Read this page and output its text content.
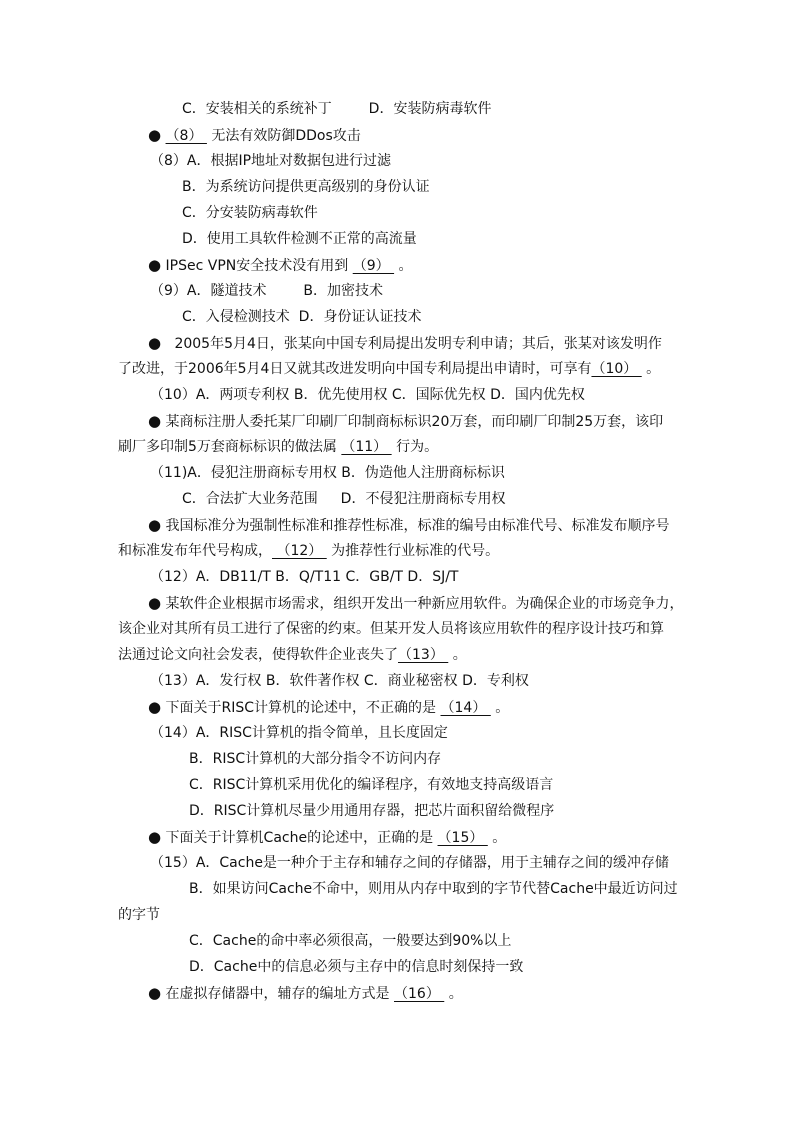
C．安装相关的系统补丁　　  D．安装防病毒软件
● （8）  无法有效防御DDos攻击
（8）A．根据IP地址对数据包进行过滤
B．为系统访问提供更高级别的身份认证
C．分安装防病毒软件
D．使用工具软件检测不正常的高流量
● IPSec VPN安全技术没有用到 （9）  。
（9）A．隧道技术　　  B．加密技术
C．入侵检测技术  D．身份证认证技术
●   2005年5月4日，张某向中国专利局提出发明专利申请；其后，张某对该发明作
了改进，于2006年5月4日又就其改进发明向中国专利局提出申请时，可享有（10）  。
（10）A．两项专利权 B．优先使用权 C．国际优先权 D．国内优先权
● 某商标注册人委托某厂印刷厂印制商标标识20万套，而印刷厂印制25万套，该印
刷厂多印制5万套商标标识的做法属 （11）  行为。
（11)A．侵犯注册商标专用权 B．伪造他人注册商标标识
C．合法扩大业务范围　  D．不侵犯注册商标专用权
● 我国标准分为强制性标准和推荐性标准，标准的编号由标准代号、标准发布顺序号
和标准发布年代号构成， （12）  为推荐性行业标准的代号。
（12）A．DB11/T B．Q/T11 C．GB/T D．SJ/T
● 某软件企业根据市场需求，组织开发出一种新应用软件。为确保企业的市场竞争力，
该企业对其所有员工进行了保密的约束。但某开发人员将该应用软件的程序设计技巧和算
法通过论文向社会发表，使得软件企业丧失了（13）  。
（13）A．发行权 B．软件著作权 C．商业秘密权 D．专利权
● 下面关于RISC计算机的论述中，不正确的是 （14）  。
（14）A．RISC计算机的指令简单，且长度固定
B．RISC计算机的大部分指令不访问内存
C．RISC计算机采用优化的编译程序，有效地支持高级语言
D．RISC计算机尽量少用通用存器，把芯片面积留给微程序
● 下面关于计算机Cache的论述中，正确的是 （15）  。
（15）A．Cache是一种介于主存和辅存之间的存储器，用于主辅存之间的缓冲存储
B．如果访问Cache不命中，则用从内存中取到的字节代替Cache中最近访问过
的字节
C．Cache的命中率必须很高，一般要达到90%以上
D．Cache中的信息必须与主存中的信息时刻保持一致
● 在虚拟存储器中，辅存的编址方式是 （16）  。
